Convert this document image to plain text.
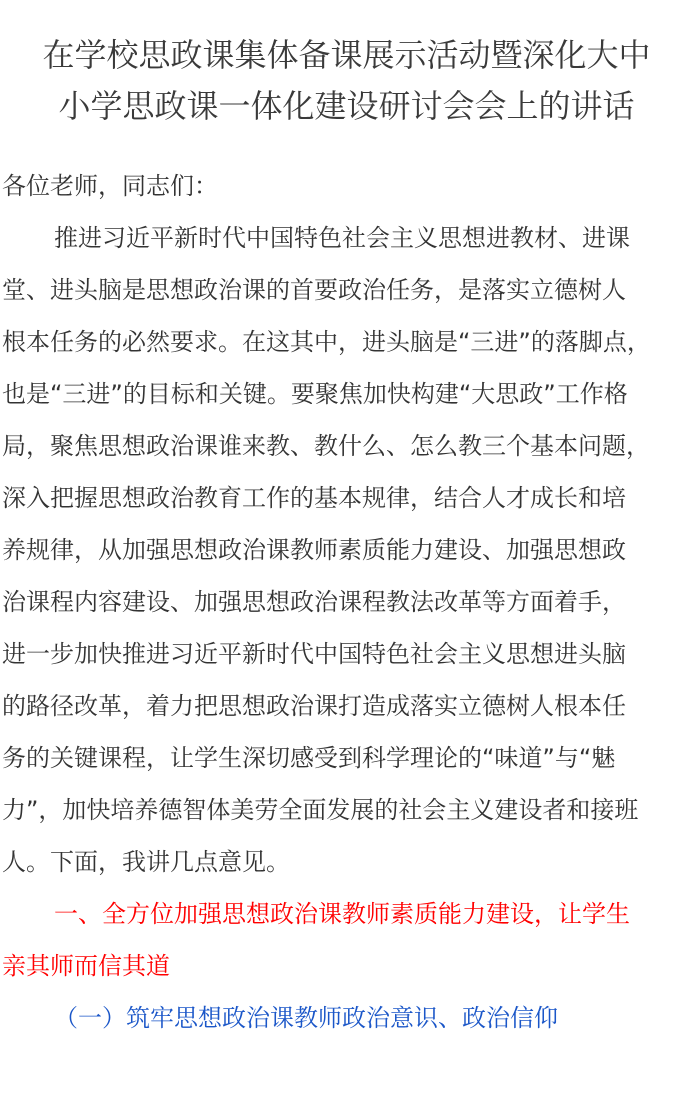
在学校思政课集体备课展示活动暨深化大中
小学思政课一体化建设研讨会会上的讲话

各位老师，同志们：

推进习近平新时代中国特色社会主义思想进教材、进课
堂、进头脑是思想政治课的首要政治任务，是落实立德树人
根本任务的必然要求。在这其中，进头脑是“三进”的落脚点，
也是“三进”的目标和关键。要聚焦加快构建“大思政”工作格
局，聚焦思想政治课谁来教、教什么、怎么教三个基本问题，
深入把握思想政治教育工作的基本规律，结合人才成长和培
养规律，从加强思想政治课教师素质能力建设、加强思想政
治课程内容建设、加强思想政治课程教法改革等方面着手，
进一步加快推进习近平新时代中国特色社会主义思想进头脑
的路径改革，着力把思想政治课打造成落实立德树人根本任
务的关键课程，让学生深切感受到科学理论的“味道”与“魅
力”，加快培养德智体美劳全面发展的社会主义建设者和接班
人。下面，我讲几点意见。

一、全方位加强思想政治课教师素质能力建设，让学生
亲其师而信其道

（一）筑牢思想政治课教师政治意识、政治信仰
